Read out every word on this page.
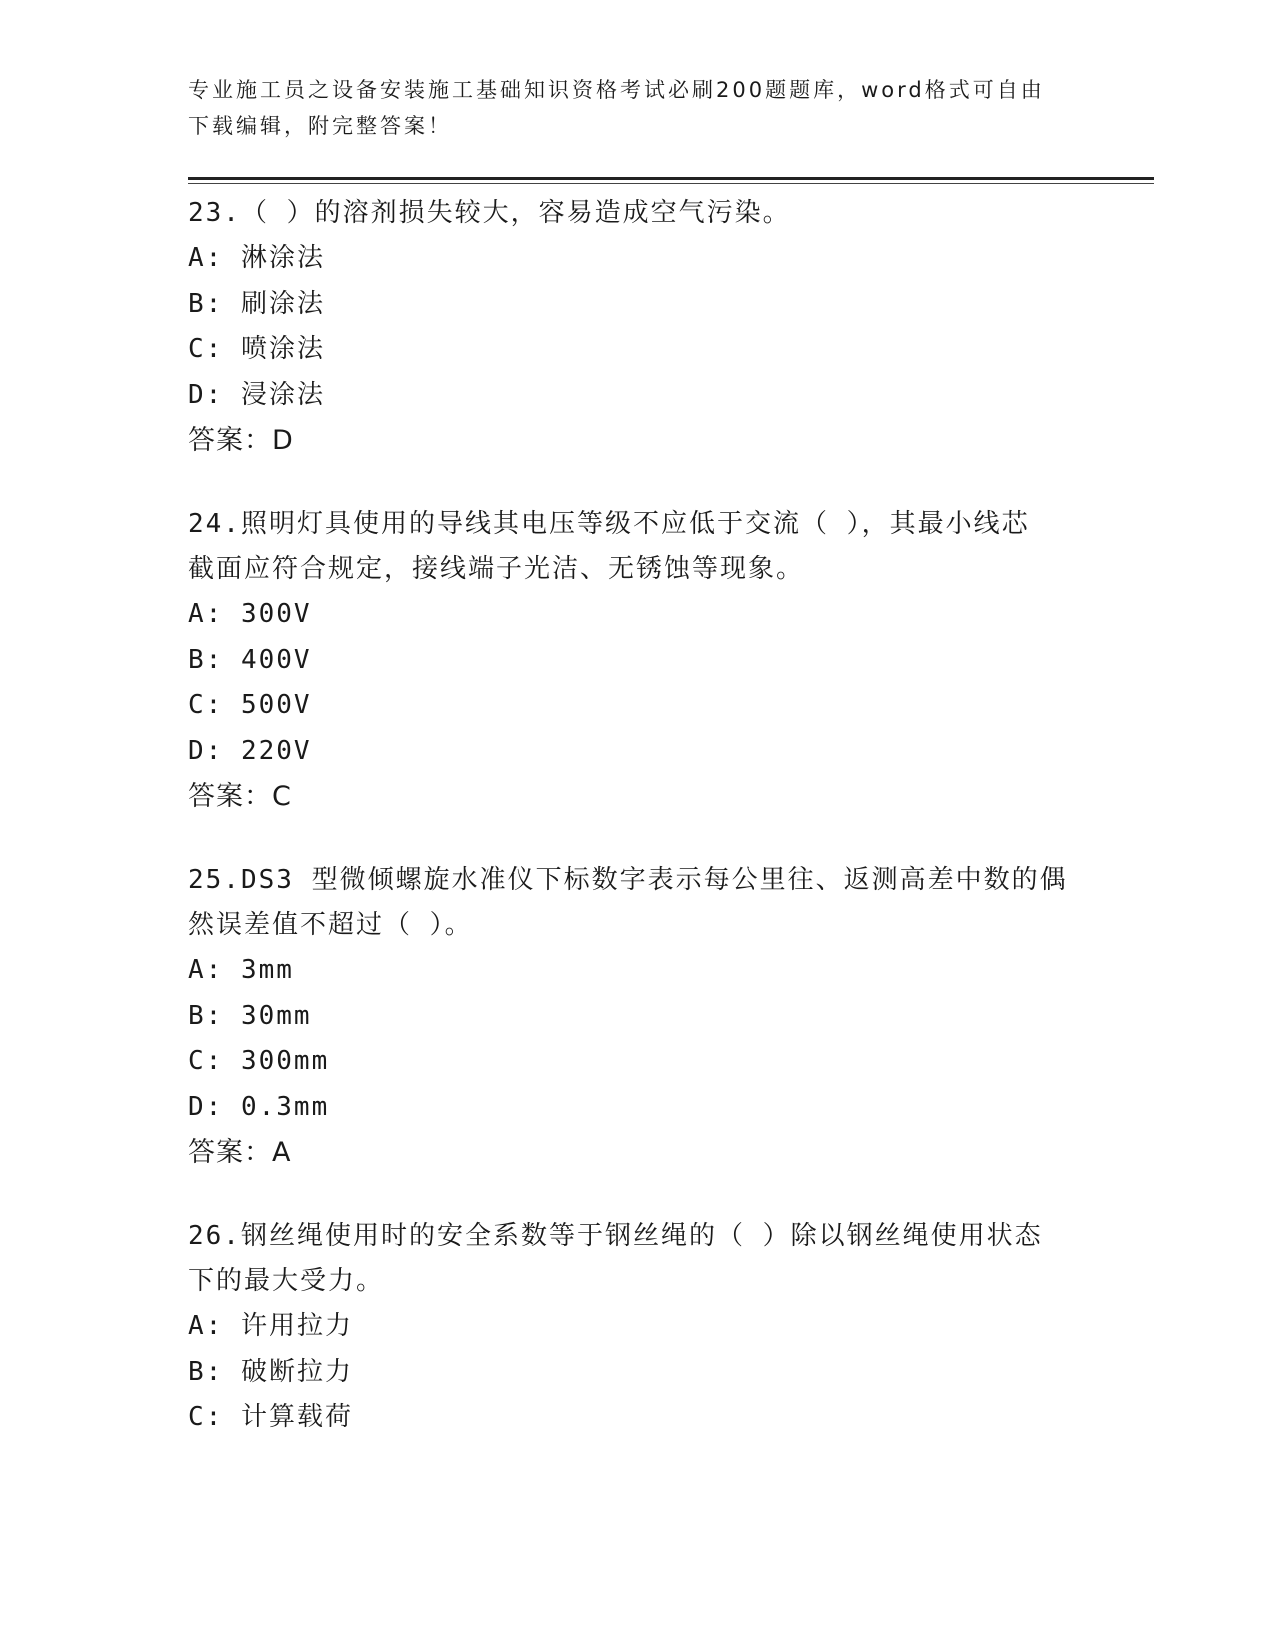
专业施工员之设备安装施工基础知识资格考试必刷200题题库，word格式可自由
下载编辑，附完整答案！

23.（ ）的溶剂损失较大，容易造成空气污染。

A: 淋涂法

B: 刷涂法

C: 喷涂法

D: 浸涂法

答案：D

24.照明灯具使用的导线其电压等级不应低于交流（ ），其最小线芯

截面应符合规定，接线端子光洁、无锈蚀等现象。

A: 300V

B: 400V

C: 500V

D: 220V

答案：C

25.DS3 型微倾螺旋水准仪下标数字表示每公里往、返测高差中数的偶

然误差值不超过（ ）。

A: 3mm

B: 30mm

C: 300mm

D: 0.3mm

答案：A

26.钢丝绳使用时的安全系数等于钢丝绳的（ ）除以钢丝绳使用状态

下的最大受力。

A: 许用拉力

B: 破断拉力

C: 计算载荷
